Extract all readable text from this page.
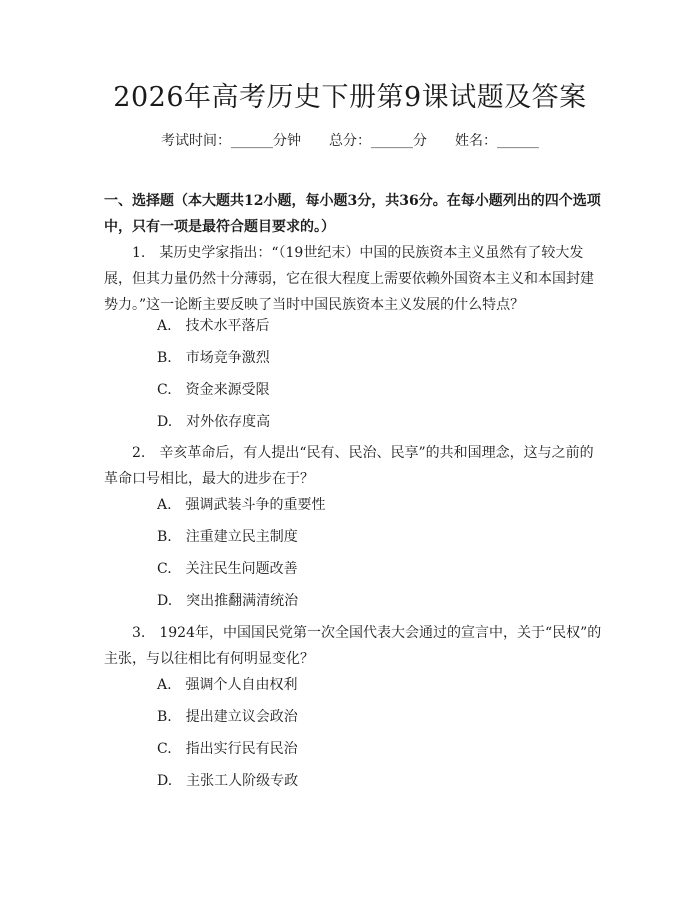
2026年高考历史下册第9课试题及答案
考试时间：______分钟 总分：______分 姓名：______
一、选择题（本大题共12小题，每小题3分，共36分。在每小题列出的四个选项中，只有一项是最符合题目要求的。）
1.　某历史学家指出：“（19世纪末）中国的民族资本主义虽然有了较大发展，但其力量仍然十分薄弱，它在很大程度上需要依赖外国资本主义和本国封建势力。”这一论断主要反映了当时中国民族资本主义发展的什么特点？
A.　技术水平落后
B.　市场竞争激烈
C.　资金来源受限
D.　对外依存度高
2.　辛亥革命后，有人提出“民有、民治、民享”的共和国理念，这与之前的革命口号相比，最大的进步在于？
A.　强调武装斗争的重要性
B.　注重建立民主制度
C.　关注民生问题改善
D.　突出推翻满清统治
3.　1924年，中国国民党第一次全国代表大会通过的宣言中，关于“民权”的主张，与以往相比有何明显变化？
A.　强调个人自由权利
B.　提出建立议会政治
C.　指出实行民有民治
D.　主张工人阶级专政
